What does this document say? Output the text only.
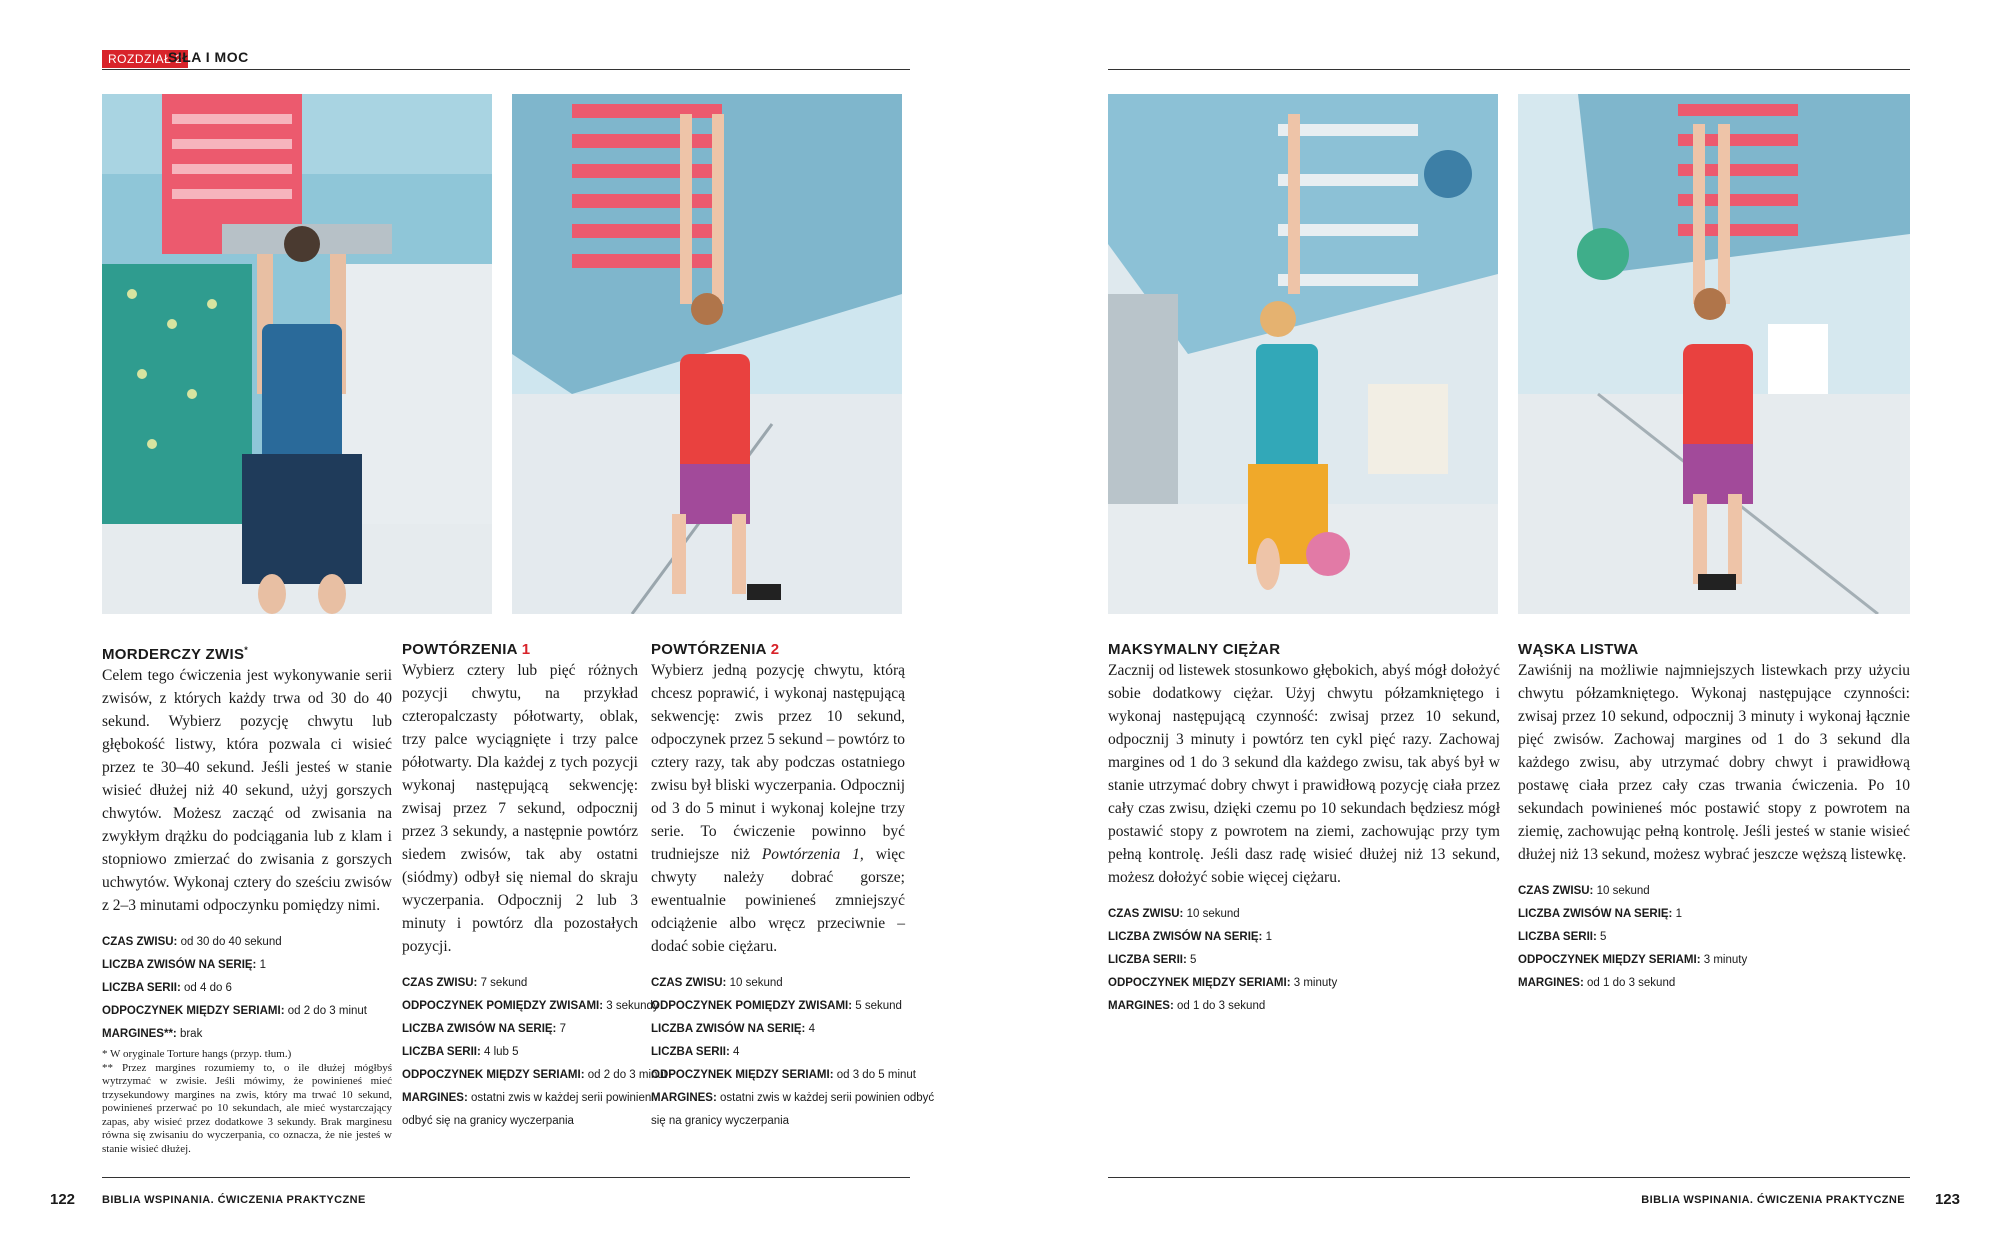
ROZDZIAŁ 2
SIŁA I MOC
MORDERCZY ZWIS*
Celem tego ćwiczenia jest wykonywanie serii zwisów, z których każdy trwa od 30 do 40 sekund. Wybierz pozycję chwytu lub głębokość listwy, która pozwala ci wisieć przez te 30–40 sekund. Jeśli jesteś w stanie wisieć dłużej niż 40 sekund, użyj gorszych chwytów. Możesz zacząć od zwisania na zwykłym drążku do podciągania lub z klam i stopniowo zmierzać do zwisania z gorszych uchwytów. Wykonaj cztery do sześciu zwisów z 2–3 minutami odpoczynku pomiędzy nimi.
CZAS ZWISU: od 30 do 40 sekund
LICZBA ZWISÓW NA SERIĘ: 1
LICZBA SERII: od 4 do 6
ODPOCZYNEK MIĘDZY SERIAMI: od 2 do 3 minut
MARGINES**: brak
* W oryginale Torture hangs (przyp. tłum.)
** Przez margines rozumiemy to, o ile dłużej mógłbyś wytrzymać w zwisie. Jeśli mówimy, że powinieneś mieć trzysekundowy margines na zwis, który ma trwać 10 sekund, powinieneś przerwać po 10 sekundach, ale mieć wystarczający zapas, aby wisieć przez dodatkowe 3 sekundy. Brak marginesu równa się zwisaniu do wyczerpania, co oznacza, że nie jesteś w stanie wisieć dłużej.
POWTÓRZENIA 1
Wybierz cztery lub pięć różnych pozycji chwytu, na przykład czteropalczasty półotwarty, oblak, trzy palce wyciągnięte i trzy palce półotwarty. Dla każdej z tych pozycji wykonaj następującą sekwencję: zwisaj przez 7 sekund, odpocznij przez 3 sekundy, a następnie powtórz siedem zwisów, tak aby ostatni (siódmy) odbył się niemal do skraju wyczerpania. Odpocznij 2 lub 3 minuty i powtórz dla pozostałych pozycji.
CZAS ZWISU: 7 sekund
ODPOCZYNEK POMIĘDZY ZWISAMI: 3 sekundy
LICZBA ZWISÓW NA SERIĘ: 7
LICZBA SERII: 4 lub 5
ODPOCZYNEK MIĘDZY SERIAMI: od 2 do 3 minut
MARGINES: ostatni zwis w każdej serii powinien
odbyć się na granicy wyczerpania
POWTÓRZENIA 2
Wybierz jedną pozycję chwytu, którą chcesz poprawić, i wykonaj następującą sekwencję: zwis przez 10 sekund, odpoczynek przez 5 sekund – powtórz to cztery razy, tak aby podczas ostatniego zwisu był bliski wyczerpania. Odpocznij od 3 do 5 minut i wykonaj kolejne trzy serie. To ćwiczenie powinno być trudniejsze niż Powtórzenia 1, więc chwyty należy dobrać gorsze; ewentualnie powinieneś zmniejszyć odciążenie albo wręcz przeciwnie – dodać sobie ciężaru.
CZAS ZWISU: 10 sekund
ODPOCZYNEK POMIĘDZY ZWISAMI: 5 sekund
LICZBA ZWISÓW NA SERIĘ: 4
LICZBA SERII: 4
ODPOCZYNEK MIĘDZY SERIAMI: od 3 do 5 minut
MARGINES: ostatni zwis w każdej serii powinien odbyć
się na granicy wyczerpania
MAKSYMALNY CIĘŻAR
Zacznij od listewek stosunkowo głębokich, abyś mógł dołożyć sobie dodatkowy ciężar. Użyj chwytu półzamkniętego i wykonaj następującą czynność: zwisaj przez 10 sekund, odpocznij 3 minuty i powtórz ten cykl pięć razy. Zachowaj margines od 1 do 3 sekund dla każdego zwisu, tak abyś był w stanie utrzymać dobry chwyt i prawidłową pozycję ciała przez cały czas zwisu, dzięki czemu po 10 sekundach będziesz mógł postawić stopy z powrotem na ziemi, zachowując przy tym pełną kontrolę. Jeśli dasz radę wisieć dłużej niż 13 sekund, możesz dołożyć sobie więcej ciężaru.
CZAS ZWISU: 10 sekund
LICZBA ZWISÓW NA SERIĘ: 1
LICZBA SERII: 5
ODPOCZYNEK MIĘDZY SERIAMI: 3 minuty
MARGINES: od 1 do 3 sekund
WĄSKA LISTWA
Zawiśnij na możliwie najmniejszych listewkach przy użyciu chwytu półzamkniętego. Wykonaj następujące czynności: zwisaj przez 10 sekund, odpocznij 3 minuty i wykonaj łącznie pięć zwisów. Zachowaj margines od 1 do 3 sekund dla każdego zwisu, aby utrzymać dobry chwyt i prawidłową postawę ciała przez cały czas trwania ćwiczenia. Po 10 sekundach powinieneś móc postawić stopy z powrotem na ziemię, zachowując pełną kontrolę. Jeśli jesteś w stanie wisieć dłużej niż 13 sekund, możesz wybrać jeszcze węższą listewkę.
CZAS ZWISU: 10 sekund
LICZBA ZWISÓW NA SERIĘ: 1
LICZBA SERII: 5
ODPOCZYNEK MIĘDZY SERIAMI: 3 minuty
MARGINES: od 1 do 3 sekund
122 BIBLIA WSPINANIA. ĆWICZENIA PRAKTYCZNE	BIBLIA WSPINANIA. ĆWICZENIA PRAKTYCZNE 123
